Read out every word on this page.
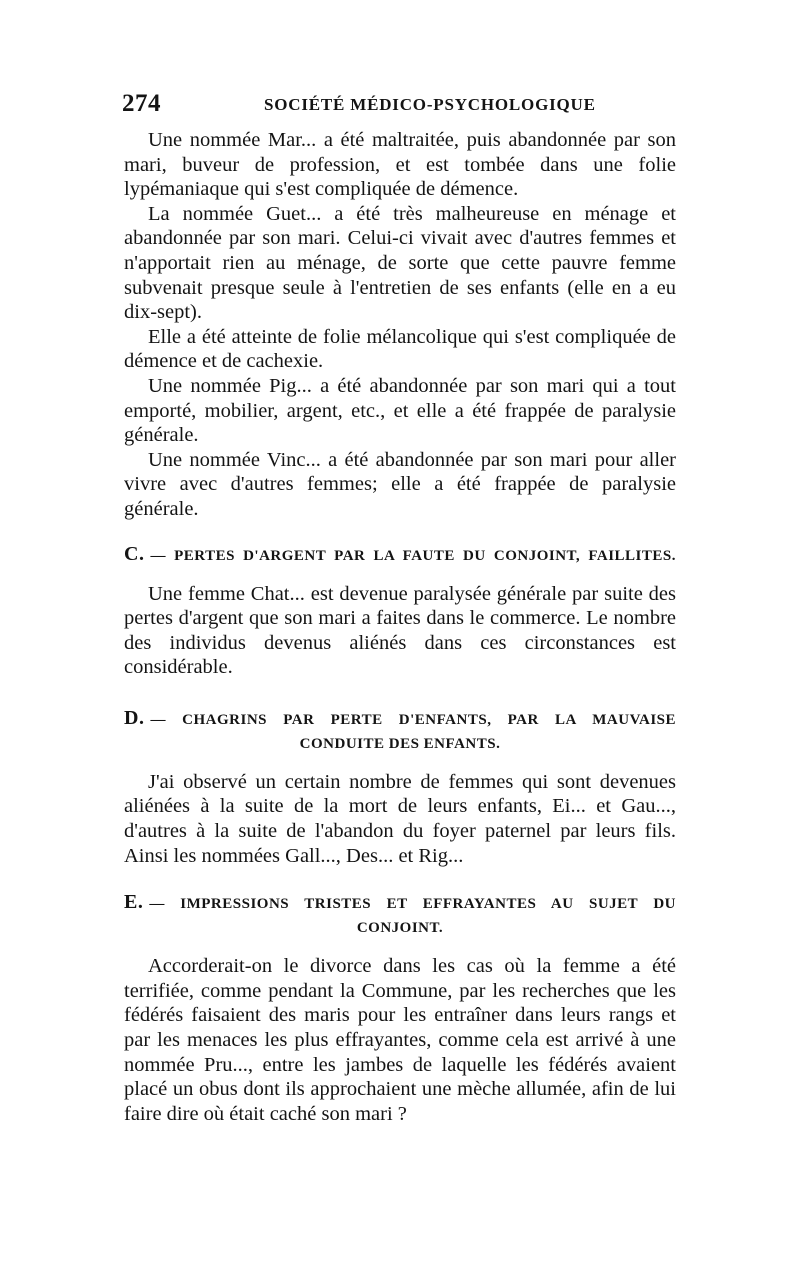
274	SOCIÉTÉ MÉDICO-PSYCHOLOGIQUE

Une nommée Mar... a été maltraitée, puis abandonnée par son mari, buveur de profession, et est tombée dans une folie lypémaniaque qui s'est compliquée de démence.

La nommée Guet... a été très malheureuse en ménage et abandonnée par son mari. Celui-ci vivait avec d'autres femmes et n'apportait rien au ménage, de sorte que cette pauvre femme subvenait presque seule à l'entretien de ses enfants (elle en a eu dix-sept).

Elle a été atteinte de folie mélancolique qui s'est compliquée de démence et de cachexie.

Une nommée Pig... a été abandonnée par son mari qui a tout emporté, mobilier, argent, etc., et elle a été frappée de paralysie générale.

Une nommée Vinc... a été abandonnée par son mari pour aller vivre avec d'autres femmes; elle a été frappée de paralysie générale.

C. — PERTES D'ARGENT PAR LA FAUTE DU CONJOINT, FAILLITES.

Une femme Chat... est devenue paralysée générale par suite des pertes d'argent que son mari a faites dans le commerce. Le nombre des individus devenus aliénés dans ces circonstances est considérable.

D. — CHAGRINS PAR PERTE D'ENFANTS, PAR LA MAUVAISE
CONDUITE DES ENFANTS.

J'ai observé un certain nombre de femmes qui sont devenues aliénées à la suite de la mort de leurs enfants, Ei... et Gau..., d'autres à la suite de l'abandon du foyer paternel par leurs fils. Ainsi les nommées Gall..., Des... et Rig...

E. — IMPRESSIONS TRISTES ET EFFRAYANTES AU SUJET DU
CONJOINT.

Accorderait-on le divorce dans les cas où la femme a été terrifiée, comme pendant la Commune, par les recherches que les fédérés faisaient des maris pour les entraîner dans leurs rangs et par les menaces les plus effrayantes, comme cela est arrivé à une nommée Pru..., entre les jambes de laquelle les fédérés avaient placé un obus dont ils approchaient une mèche allumée, afin de lui faire dire où était caché son mari ?
